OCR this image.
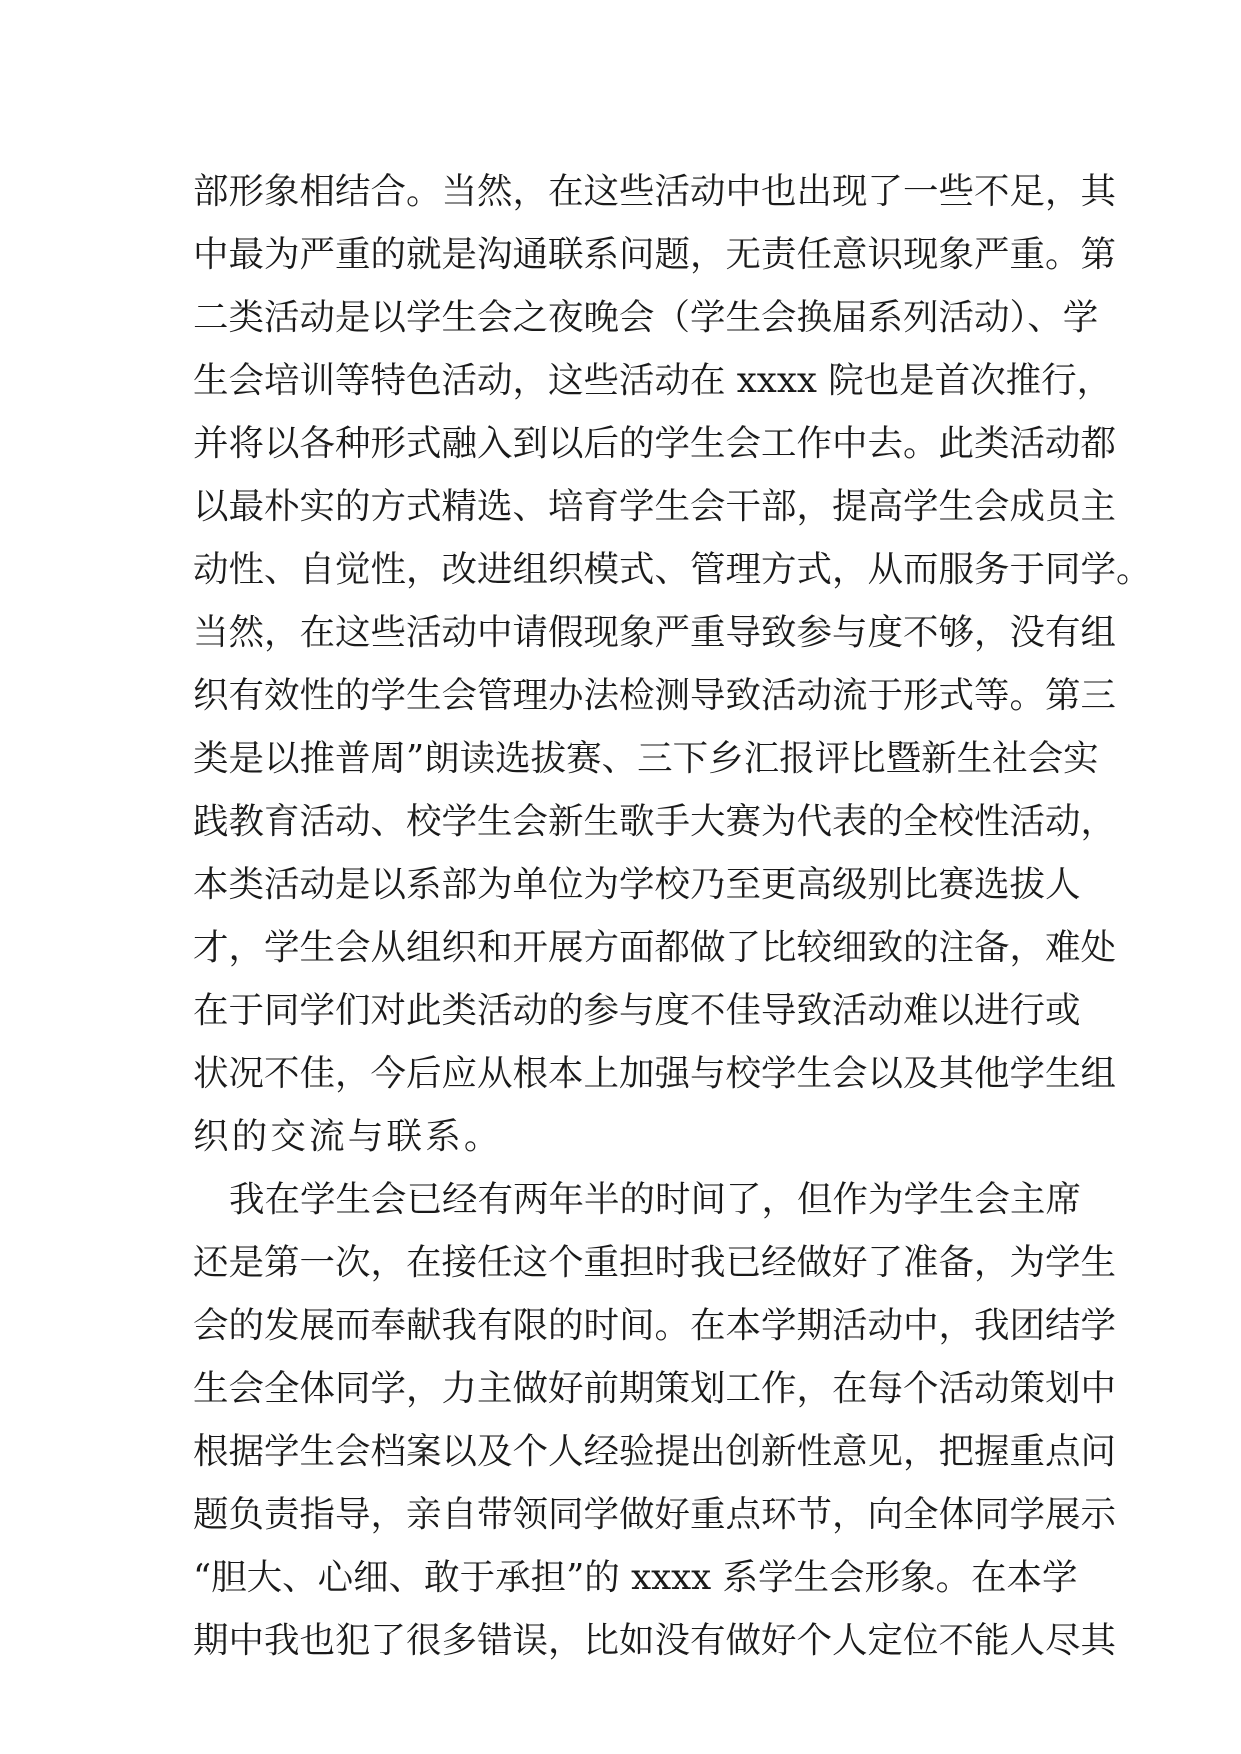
部形象相结合。当然，在这些活动中也出现了一些不足，其
中最为严重的就是沟通联系问题，无责任意识现象严重。第
二类活动是以学生会之夜晚会（学生会换届系列活动）、学
生会培训等特色活动，这些活动在 xxxx 院也是首次推行，
并将以各种形式融入到以后的学生会工作中去。此类活动都
以最朴实的方式精选、培育学生会干部，提高学生会成员主
动性、自觉性，改进组织模式、管理方式，从而服务于同学。
当然，在这些活动中请假现象严重导致参与度不够，没有组
织有效性的学生会管理办法检测导致活动流于形式等。第三
类是以推普周”朗读选拔赛、三下乡汇报评比暨新生社会实
践教育活动、校学生会新生歌手大赛为代表的全校性活动，
本类活动是以系部为单位为学校乃至更高级别比赛选拔人
才，学生会从组织和开展方面都做了比较细致的注备，难处
在于同学们对此类活动的参与度不佳导致活动难以进行或
状况不佳，今后应从根本上加强与校学生会以及其他学生组
织的交流与联系。
我在学生会已经有两年半的时间了，但作为学生会主席
还是第一次，在接任这个重担时我已经做好了准备，为学生
会的发展而奉献我有限的时间。在本学期活动中，我团结学
生会全体同学，力主做好前期策划工作，在每个活动策划中
根据学生会档案以及个人经验提出创新性意见，把握重点问
题负责指导，亲自带领同学做好重点环节，向全体同学展示
“胆大、心细、敢于承担”的 xxxx 系学生会形象。在本学
期中我也犯了很多错误，比如没有做好个人定位不能人尽其
